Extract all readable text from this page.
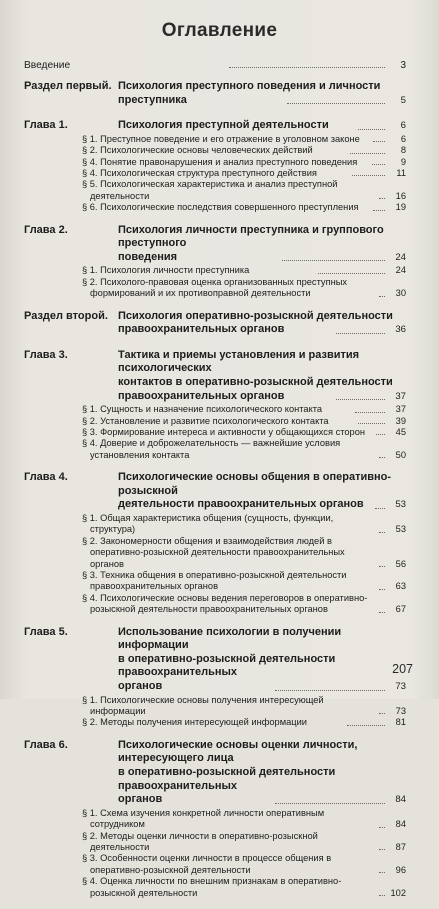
Оглавление
Введение	3
Раздел первый. Психология преступного поведения и личности
преступника	5
Глава 1.	Психология преступной деятельности	6
§ 1. Преступное поведение и его отражение в уголовном законе	6
§ 2. Психологические основы человеческих действий	8
§ 4. Понятие правонарушения и анализ преступного поведения	9
§ 4. Психологическая структура преступного действия	11
§ 5. Психологическая характеристика и анализ преступной деятельности	16
§ 6. Психологические последствия совершенного преступления	19
Глава 2.	Психология личности преступника и группового преступного
поведения	24
§ 1. Психология личности преступника	24
§ 2. Психолого-правовая оценка организованных преступных формирований и их противоправной деятельности	30
Раздел второй. Психология оперативно-розыскной деятельности
правоохранительных органов	36
Глава 3.	Тактика и приемы установления и развития психологических
контактов в оперативно-розыскной деятельности
правоохранительных органов	37
§ 1. Сущность и назначение психологического контакта	37
§ 2. Установление и развитие психологического контакта	39
§ 3. Формирование интереса и активности у общающихся сторон	45
§ 4. Доверие и доброжелательность — важнейшие условия установления контакта	50
Глава 4.	Психологические основы общения в оперативно-розыскной
деятельности правоохранительных органов	53
§ 1. Общая характеристика общения (сущность, функции, структура)	53
§ 2. Закономерности общения и взаимодействия людей в оперативно-розыскной деятельности правоохранительных органов	56
§ 3. Техника общения в оперативно-розыскной деятельности правоохранительных органов	63
§ 4. Психологические основы ведения переговоров в оперативно-розыскной деятельности правоохранительных органов	67
Глава 5.	Использование психологии в получении информации
в оперативно-розыскной деятельности правоохранительных
органов	73
§ 1. Психологические основы получения интересующей информации	73
§ 2. Методы получения интересующей информации	81
Глава 6.	Психологические основы оценки личности, интересующего лица
в оперативно-розыскной деятельности правоохранительных
органов	84
§ 1. Схема изучения конкретной личности оперативным сотрудником	84
§ 2. Методы оценки личности в оперативно-розыскной деятельности	87
§ 3. Особенности оценки личности в процессе общения в оперативно-розыскной деятельности	96
§ 4. Оценка личности по внешним признакам в оперативно-розыскной деятельности	102
207
